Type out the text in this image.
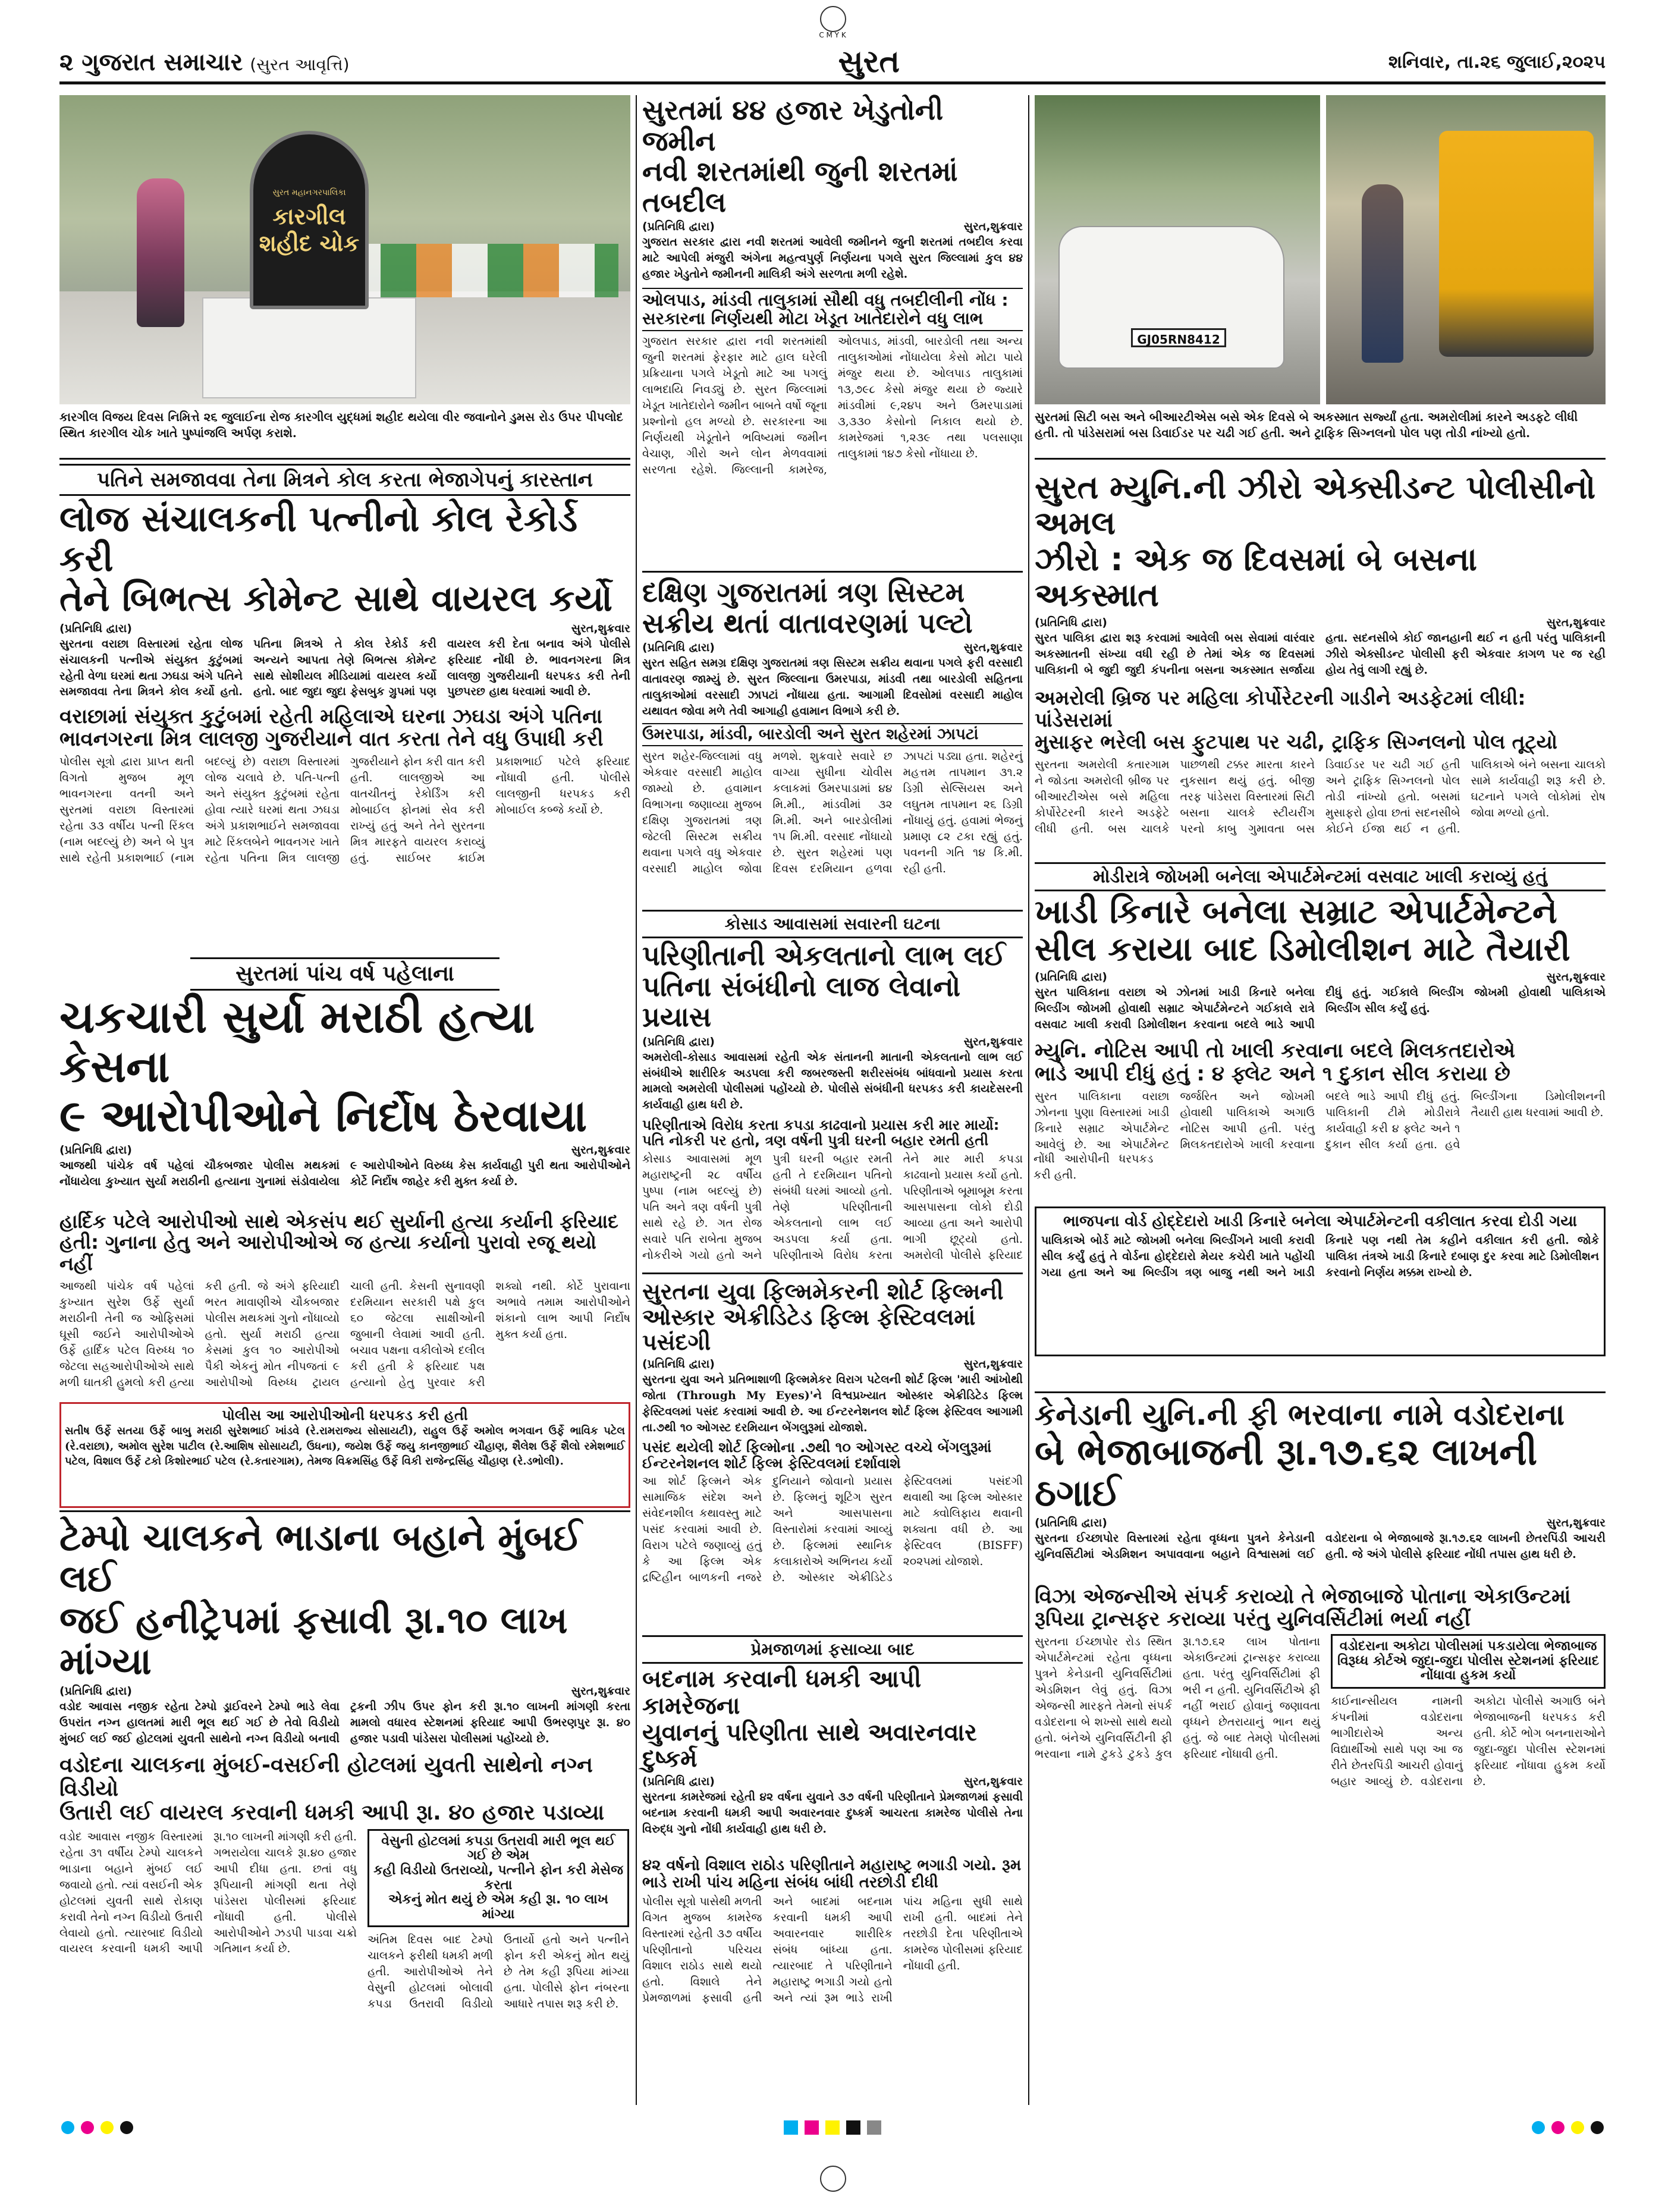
C M Y K
૨ ગુજરાત સમાચાર (સુરત આવૃત્તિ)	સુરત	શનિવાર, તા.૨૬ જુલાઈ,૨૦૨૫
સુરત મહાનગરપાલિકા
કારગીલ
શહીદ ચોક
કારગીલ વિજય દિવસ નિમિત્તે ૨૬ જુલાઈના રોજ કારગીલ યુદ્ધમાં શહીદ થયેલા વીર જવાનોને ડુમસ રોડ ઉપર પીપલોદ સ્થિત કારગીલ ચોક ખાતે પુષ્પાંજલિ અર્પણ કરાશે.
સુરતમાં ૪૪ હજાર ખેડુતોની જમીન
નવી શરતમાંથી જુની શરતમાં તબદીલ
(પ્રતિનિધિ દ્વારા)	સુરત,શુક્રવાર

ગુજરાત સરકાર દ્વારા નવી શરતમાં આવેલી જમીનને જુની શરતમાં તબદીલ કરવા માટે આપેલી મંજુરી અંગેના મહત્વપુર્ણ નિર્ણયના પગલે સુરત જિલ્લામાં કુલ ૪૪ હજાર ખેડુતોને જમીનની માલિકી અંગે સરળતા મળી રહેશે.

ઓલપાડ, માંડવી તાલુકામાં સૌથી વધુ તબદીલીની નોંધ : સરકારના નિર્ણયથી મોટા ખેડૂત ખાતેદારોને વધુ લાભ

ગુજરાત સરકાર દ્વારા નવી શરતમાંથી જુની શરતમાં ફેરફાર માટે હાલ ઘરેલી પ્રક્રિયાના પગલે ખેડૂતો માટે આ પગલું લાભદાયિ નિવડ્યું છે. સુરત જિલ્લામાં ખેડૂત ખાતેદારોને જમીન બાબતે વર્ષો જૂના પ્રશ્નોનો હલ મળ્યો છે. સરકારના આ નિર્ણયથી ખેડૂતોને ભવિષ્યમાં જમીન વેચાણ, ગીરો અને લોન મેળવવામાં સરળતા રહેશે. જિલ્લાની કામરેજ, ઓલપાડ, માંડવી, બારડોલી તથા અન્ય તાલુકાઓમાં નોંધાયેલા કેસો મોટા પાયે મંજુર થયા છે. ઓલપાડ તાલુકામાં ૧૩,૭૯૮ કેસો મંજુર થયા છે જ્યારે માંડવીમાં ૯,૨૪૫ અને ઉમરપાડામાં ૩,૩૩૦ કેસોનો નિકાલ થયો છે. કામરેજમાં ૧,૨૩૯ તથા પલસાણા તાલુકામાં ૧૪૭ કેસો નોંધાયા છે.

GJ05RN8412
સુરતમાં સિટી બસ અને બીઆરટીએસ બસે એક દિવસે બે અકસ્માત સર્જ્યાં હતા. અમરોલીમાં કારને અડફટે લીધી હતી. તો પાંડેસરામાં બસ ડિવાઈડર પર ચઢી ગઈ હતી. અને ટ્રાફિક સિગ્નલનો પોલ પણ તોડી નાંખ્યો હતો.
પતિને સમજાવવા તેના મિત્રને કોલ કરતા ભેજાગેપનું કારસ્તાન
લોજ સંચાલકની પત્નીનો કોલ રેકોર્ડ કરી
તેને બિભત્સ કોમેન્ટ સાથે વાયરલ કર્યો
(પ્રતિનિધિ દ્વારા)	સુરત,શુક્રવાર

સુરતના વરાછા વિસ્તારમાં રહેતા લોજ સંચાલકની પત્નીએ સંયુક્ત કુટુંબમાં રહેતી વેળા ઘરમાં થતા ઝઘડા અંગે પતિને સમજાવવા તેના મિત્રને કોલ કર્યો હતો. પતિના મિત્રએ તે કોલ રેકોર્ડ કરી અન્યને આપતા તેણે બિભત્સ કોમેન્ટ સાથે સોશીયલ મીડિયામાં વાયરલ કર્યો હતો. બાદ જુદા જુદા ફેસબુક ગ્રુપમાં પણ વાયરલ કરી દેતા બનાવ અંગે પોલીસે ફરિયાદ નોંધી છે. ભાવનગરના મિત્ર લાલજી ગુજરીયાની ધરપકડ કરી તેની પુછપરછ હાથ ધરવામાં આવી છે.

વરાછામાં સંયુક્ત કુટુંબમાં રહેતી મહિલાએ ઘરના ઝઘડા અંગે પતિના
ભાવનગરના મિત્ર લાલજી ગુજરીયાને વાત કરતા તેને વધુ ઉપાધી કરી

પોલીસ સૂત્રો દ્વારા પ્રાપ્ત થતી વિગતો મુજબ મૂળ ભાવનગરના વતની અને સુરતમાં વરાછા વિસ્તારમાં રહેતા ૩૩ વર્ષીય પત્ની રિંકલ (નામ બદલ્યું છે) અને બે પુત્ર સાથે રહેતી પ્રકાશભાઈ (નામ બદલ્યું છે) વરાછા વિસ્તારમાં લોજ ચલાવે છે. પતિ-પત્ની અને સંયુક્ત કુટુંબમાં રહેતા હોવા ત્યારે ઘરમાં થતા ઝઘડા અંગે પ્રકાશભાઈને સમજાવવા માટે રિંકલબેને ભાવનગર ખાતે રહેતા પતિના મિત્ર લાલજી ગુજરીયાને ફોન કરી વાત કરી હતી. લાલજીએ આ વાતચીતનું રેકોર્ડિંગ કરી મોબાઈલ ફોનમાં સેવ કરી રાખ્યું હતું અને તેને સુરતના મિત્ર મારફતે વાયરલ કરાવ્યું હતું. સાઈબર ક્રાઈમ પ્રકાશભાઈ પટેલે ફરિયાદ નોંધાવી હતી. પોલીસે લાલજીની ધરપકડ કરી મોબાઈલ કબ્જે કર્યો છે.

દક્ષિણ ગુજરાતમાં ત્રણ સિસ્ટમ
સક્રીય થતાં વાતાવરણમાં પલ્ટો
(પ્રતિનિધિ દ્વારા)	સુરત,શુક્રવાર

સુરત સહિત સમગ્ર દક્ષિણ ગુજરાતમાં ત્રણ સિસ્ટમ સક્રીય થવાના પગલે ફરી વરસાદી વાતાવરણ જામ્યું છે. સુરત જિલ્લાના ઉમરપાડા, માંડવી તથા બારડોલી સહિતના તાલુકાઓમાં વરસાદી ઝાપટાં નોંધાયા હતા. આગામી દિવસોમાં વરસાદી માહોલ યથાવત જોવા મળે તેવી આગાહી હવામાન વિભાગે કરી છે.

ઉમરપાડા, માંડવી, બારડોલી અને સુરત શહેરમાં ઝાપટાં

સુરત શહેર-જિલ્લામાં વધુ એકવાર વરસાદી માહોલ જામ્યો છે. હવામાન વિભાગના જણાવ્યા મુજબ દક્ષિણ ગુજરાતમાં ત્રણ જેટલી સિસ્ટમ સક્રીય થવાના પગલે વધુ એકવાર વરસાદી માહોલ જોવા મળશે. શુક્રવારે સવારે છ વાગ્યા સુધીના ચોવીસ કલાકમાં ઉમરપાડામાં ૪૪ મિ.મી., માંડવીમાં ૩૨ મિ.મી. અને બારડોલીમાં ૧૫ મિ.મી. વરસાદ નોંધાયો છે. સુરત શહેરમાં પણ દિવસ દરમિયાન હળવા ઝાપટાં પડ્યા હતા. શહેરનું મહત્તમ તાપમાન ૩૧.૨ ડિગ્રી સેલ્સિયસ અને લઘુતમ તાપમાન ૨૬ ડિગ્રી નોંધાયું હતું. હવામાં ભેજનું પ્રમાણ ૮૨ ટકા રહ્યું હતું. પવનની ગતિ ૧૪ કિ.મી. રહી હતી.

સુરત મ્યુનિ.ની ઝીરો એક્સીડન્ટ પોલીસીનો અમલ
ઝીરો : એક જ દિવસમાં બે બસના અકસ્માત
(પ્રતિનિધિ દ્વારા)	સુરત,શુક્રવાર

સુરત પાલિકા દ્વારા શરૂ કરવામાં આવેલી બસ સેવામાં વારંવાર અકસ્માતની સંખ્યા વધી રહી છે તેમાં એક જ દિવસમાં પાલિકાની બે જુદી જુદી કંપનીના બસના અકસ્માત સર્જાયા હતા. સદનસીબે કોઈ જાનહાની થઈ ન હતી પરંતુ પાલિકાની ઝીરો એક્સીડન્ટ પોલીસી ફરી એકવાર કાગળ પર જ રહી હોય તેવું લાગી રહ્યું છે.

અમરોલી બ્રિજ પર મહિલા કોર્પોરેટરની ગાડીને અડફેટમાં લીધી: પાંડેસરામાં
મુસાફર ભરેલી બસ ફુટપાથ પર ચઢી, ટ્રાફિક સિગ્નલનો પોલ તૂટ્યો

સુરતના અમરોલી કતારગામ ને જોડતા અમરોલી બ્રીજ પર બીઆરટીએસ બસે મહિલા કોર્પોરેટરની કારને અડફેટે લીધી હતી. બસ ચાલકે પાછળથી ટક્કર મારતા કારને નુકસાન થયું હતું. બીજી તરફ પાંડેસરા વિસ્તારમાં સિટી બસના ચાલકે સ્ટીયરીંગ પરનો કાબુ ગુમાવતા બસ ડિવાઈડર પર ચઢી ગઈ હતી અને ટ્રાફિક સિગ્નલનો પોલ તોડી નાંખ્યો હતો. બસમાં મુસાફરો હોવા છતાં સદનસીબે કોઈને ઈજા થઈ ન હતી. પાલિકાએ બંને બસના ચાલકો સામે કાર્યવાહી શરૂ કરી છે. ઘટનાને પગલે લોકોમાં રોષ જોવા મળ્યો હતો.

કોસાડ આવાસમાં સવારની ઘટના
પરિણીતાની એકલતાનો લાભ લઈ
પતિના સંબંધીનો લાજ લેવાનો પ્રયાસ
(પ્રતિનિધિ દ્વારા)	સુરત,શુક્રવાર

અમરોલી-કોસાડ આવાસમાં રહેતી એક સંતાનની માતાની એકલતાનો લાભ લઈ સંબંધીએ શારીરિક અડપલા કરી જબરજસ્તી શરીરસંબંધ બાંધવાનો પ્રયાસ કરતા મામલો અમરોલી પોલીસમાં પહોંચ્યો છે. પોલીસે સંબંધીની ધરપકડ કરી કાયદેસરની કાર્યવાહી હાથ ધરી છે.

પરિણીતાએ વિરોધ કરતા કપડા કાઢવાનો પ્રયાસ કરી માર માર્યો: પતિ નોકરી પર હતો, ત્રણ વર્ષની પુત્રી ઘરની બહાર રમતી હતી

કોસાડ આવાસમાં મૂળ મહારાષ્ટ્રની ૨૮ વર્ષીય પુષ્પા (નામ બદલ્યું છે) પતિ અને ત્રણ વર્ષની પુત્રી સાથે રહે છે. ગત રોજ સવારે પતિ રાબેતા મુજબ નોકરીએ ગયો હતો અને પુત્રી ઘરની બહાર રમતી હતી તે દરમિયાન પતિનો સંબંધી ઘરમાં આવ્યો હતો. તેણે પરિણીતાની એકલતાનો લાભ લઈ અડપલા કર્યા હતા. પરિણીતાએ વિરોધ કરતા તેને માર મારી કપડા કાઢવાનો પ્રયાસ કર્યો હતો. પરિણીતાએ બૂમાબૂમ કરતા આસપાસના લોકો દોડી આવ્યા હતા અને આરોપી ભાગી છૂટ્યો હતો. અમરોલી પોલીસે ફરિયાદ નોંધી આરોપીની ધરપકડ કરી હતી.

મોડીરાત્રે જોખમી બનેલા એપાર્ટમેન્ટમાં વસવાટ ખાલી કરાવ્યું હતું
ખાડી કિનારે બનેલા સમ્રાટ એપાર્ટમેન્ટને
સીલ કરાયા બાદ ડિમોલીશન માટે તૈયારી
(પ્રતિનિધિ દ્વારા)	સુરત,શુક્રવાર

સુરત પાલિકાના વરાછા એ ઝોનમાં ખાડી કિનારે બનેલા બિલ્ડીંગ જોખમી હોવાથી સમ્રાટ એપાર્ટમેન્ટને ગઈકાલે રાત્રે વસવાટ ખાલી કરાવી ડિમોલીશન કરવાના બદલે ભાડે આપી દીધું હતું. ગઈકાલે બિલ્ડીંગ જોખમી હોવાથી પાલિકાએ બિલ્ડીંગ સીલ કર્યું હતું.

મ્યુનિ. નોટિસ આપી તો ખાલી કરવાના બદલે મિલકતદારોએ
ભાડે આપી દીધું હતું : ૪ ફ્લેટ અને ૧ દુકાન સીલ કરાયા છે

સુરત પાલિકાના વરાછા ઝોનના પુણા વિસ્તારમાં ખાડી કિનારે સમ્રાટ એપાર્ટમેન્ટ આવેલું છે. આ એપાર્ટમેન્ટ જર્જરિત અને જોખમી હોવાથી પાલિકાએ અગાઉ નોટિસ આપી હતી. પરંતુ મિલકતદારોએ ખાલી કરવાના બદલે ભાડે આપી દીધું હતું. પાલિકાની ટીમે મોડીરાત્રે કાર્યવાહી કરી ૪ ફ્લેટ અને ૧ દુકાન સીલ કર્યા હતા. હવે બિલ્ડીંગના ડિમોલીશનની તૈયારી હાથ ધરવામાં આવી છે.

ભાજપના વોર્ડ હોદ્દેદારો ખાડી કિનારે બનેલા એપાર્ટમેન્ટની વકીલાત કરવા દોડી ગયા

પાલિકાએ બોર્ડ માટે જોખમી બનેલા બિલ્ડીંગને ખાલી કરાવી સીલ કર્યું હતું તે વોર્ડના હોદ્દેદારો મેયર કચેરી ખાતે પહોંચી ગયા હતા અને આ બિલ્ડીંગ ત્રણ બાજુ નથી અને ખાડી કિનારે પણ નથી તેમ કહીને વકીલાત કરી હતી. જોકે પાલિકા તંત્રએ ખાડી કિનારે દબાણ દુર કરવા માટે ડિમોલીશન કરવાનો નિર્ણય મક્કમ રાખ્યો છે.

સુરતમાં પાંચ વર્ષ પહેલાના
ચકચારી સુર્યા મરાઠી હત્યા કેસના
૯ આરોપીઓને નિર્દોષ ઠેરવાયા
(પ્રતિનિધિ દ્વારા)	સુરત,શુક્રવાર

આજથી પાંચેક વર્ષ પહેલાં ચૌકબજાર પોલીસ મથકમાં નોંધાયેલા કુખ્યાત સુર્યા મરાઠીની હત્યાના ગુનામાં સંડોવાયેલા ૯ આરોપીઓને વિરુધ્ધ કેસ કાર્યવાહી પુરી થતા આરોપીઓને કોર્ટે નિર્દોષ જાહેર કરી મુક્ત કર્યા છે.

હાર્દિક પટેલે આરોપીઓ સાથે એકસંપ થઈ સુર્યાની હત્યા કર્યાની ફરિયાદ
હતી: ગુનાના હેતુ અને આરોપીઓએ જ હત્યા કર્યાનો પુરાવો રજૂ થયો નહીં

આજથી પાંચેક વર્ષ પહેલાં કુખ્યાત સુરેશ ઉર્ફે સુર્યા મરાઠીની તેની જ ઓફિસમાં ઘૂસી જઈને આરોપીઓએ ઉર્ફે હાર્દિક પટેલ વિરુધ્ધ ૧૦ જેટલા સહઆરોપીઓએ સાથે મળી ઘાતકી હુમલો કરી હત્યા કરી હતી. જે અંગે ફરિયાદી ભરત માવાણીએ ચૌકબજાર પોલીસ મથકમાં ગુનો નોંધાવ્યો હતો. સુર્યા મરાઠી હત્યા કેસમાં કુલ ૧૦ આરોપીઓ પૈકી એકનું મોત નીપજતાં ૯ આરોપીઓ વિરુધ્ધ ટ્રાયલ ચાલી હતી. કેસની સુનાવણી દરમિયાન સરકારી પક્ષે કુલ ૬૦ જેટલા સાક્ષીઓની જુબાની લેવામાં આવી હતી. બચાવ પક્ષના વકીલોએ દલીલ કરી હતી કે ફરિયાદ પક્ષ હત્યાનો હેતુ પુરવાર કરી શક્યો નથી. કોર્ટે પુરાવાના અભાવે તમામ આરોપીઓને શંકાનો લાભ આપી નિર્દોષ મુક્ત કર્યા હતા.

પોલીસ આ આરોપીઓની ધરપકડ કરી હતી

સતીષ ઉર્ફે સતયા ઉર્ફે બાબુ મરાઠી સુરેશભાઈ ખાંડવે (રે.રામરાજ્ય સોસાયટી), રાહુલ ઉર્ફે અમોલ ભગવાન ઉર્ફે ભાવિક પટેલ (રે.વરાછા), અમોલ સુરેશ પાટીલ (રે.આશિષ સોસાયટી, ઉધના), જયેશ ઉર્ફે જયુ કાનજીભાઈ ચૌહાણ, શૈલેશ ઉર્ફે શૈલો રમેશભાઈ પટેલ, વિશાલ ઉર્ફે ટકો કિશોરભાઈ પટેલ (રે.કતારગામ), તેમજ વિક્રમસિંહ ઉર્ફે વિકી રાજેન્દ્રસિંહ ચૌહાણ (રે.ડભોલી).

સુરતના યુવા ફિલ્મમેકરની શોર્ટ ફિલ્મની
ઓસ્કાર એક્રીડિટેડ ફિલ્મ ફેસ્ટિવલમાં પસંદગી
(પ્રતિનિધિ દ્વારા)	સુરત,શુક્રવાર

સુરતના યુવા અને પ્રતિભાશાળી ફિલ્મમેકર વિરાગ પટેલની શોર્ટ ફિલ્મ 'મારી આંખોથી જોતા (Through My Eyes)'ને વિશ્વપ્રખ્યાત ઓસ્કાર એક્રીડિટેડ ફિલ્મ ફેસ્ટિવલમાં પસંદ કરવામાં આવી છે. આ ઈન્ટરનેશનલ શોર્ટ ફિલ્મ ફેસ્ટિવલ આગામી તા.૭થી ૧૦ ઓગસ્ટ દરમિયાન બેંગલુરૂમાં યોજાશે.

પસંદ થયેલી શોર્ટ ફિલ્મોના .૭થી ૧૦ ઓગસ્ટ વચ્ચે બેંગલુરૂમાં ઈન્ટરનેશનલ શોર્ટ ફિલ્મ ફેસ્ટિવલમાં દર્શાવાશે

આ શોર્ટ ફિલ્મને એક સામાજિક સંદેશ અને સંવેદનશીલ કથાવસ્તુ માટે પસંદ કરવામાં આવી છે. વિરાગ પટેલે જણાવ્યું હતું કે આ ફિલ્મ એક દ્રષ્ટિહીન બાળકની નજરે દુનિયાને જોવાનો પ્રયાસ છે. ફિલ્મનું શૂટિંગ સુરત અને આસપાસના વિસ્તારોમાં કરવામાં આવ્યું છે. ફિલ્મમાં સ્થાનિક કલાકારોએ અભિનય કર્યો છે. ઓસ્કાર એક્રીડિટેડ ફેસ્ટિવલમાં પસંદગી થવાથી આ ફિલ્મ ઓસ્કાર માટે ક્વોલિફાય થવાની શક્યતા વધી છે. આ ફેસ્ટિવલ (BISFF) ૨૦૨૫માં યોજાશે.

ટેમ્પો ચાલકને ભાડાના બહાને મુંબઈ લઈ
જઈ હનીટ્રેપમાં ફસાવી રૂા.૧૦ લાખ માંગ્યા
(પ્રતિનિધિ દ્વારા)	સુરત,શુક્રવાર

વડોદ આવાસ નજીક રહેતા ટેમ્પો ડ્રાઈવરને ટેમ્પો ભાડે લેવા ઉપરાંત નગ્ન હાલતમાં મારી ભૂલ થઈ ગઈ છે તેવો વિડીયો મુંબઈ લઈ જઈ હોટલમાં યુવતી સાથેનો નગ્ન વિડીયો બનાવી ટ્રકની ઝીપ ઉપર ફોન કરી રૂા.૧૦ લાખની માંગણી કરતા મામલો વધારવ સ્ટેશનમાં ફરિયાદ આપી ઉભરણપુર રૂા. ૪૦ હજાર પડાવી પાંડેસરા પોલીસમાં પહોંચ્યો છે.

વડોદના ચાલકના મુંબઈ-વસઈની હોટલમાં યુવતી સાથેનો નગ્ન વિડીયો
ઉતારી લઈ વાયરલ કરવાની ધમકી આપી રૂા. ૪૦ હજાર પડાવ્યા

વડોદ આવાસ નજીક વિસ્તારમાં રહેતા ૩૧ વર્ષીય ટેમ્પો ચાલકને ભાડાના બહાને મુંબઈ લઈ જવાયો હતો. ત્યાં વસઈની એક હોટલમાં યુવતી સાથે રોકાણ કરાવી તેનો નગ્ન વિડીયો ઉતારી લેવાયો હતો. ત્યારબાદ વિડીયો વાયરલ કરવાની ધમકી આપી રૂા.૧૦ લાખની માંગણી કરી હતી. ગભરાયેલા ચાલકે રૂા.૪૦ હજાર આપી દીધા હતા. છતાં વધુ રૂપિયાની માંગણી થતા તેણે પાંડેસરા પોલીસમાં ફરિયાદ નોંધાવી હતી. પોલીસે આરોપીઓને ઝડપી પાડવા ચક્રો ગતિમાન કર્યા છે.

વેસુની હોટલમાં કપડા ઉતરાવી મારી ભૂલ થઈ ગઈ છે એમ
કહી વિડીયો ઉતરાવ્યો, પત્નીને ફોન કરી મેસેજ કરતા
એકનું મોત થયું છે એમ કહી રૂા. ૧૦ લાખ માંગ્યા

અંતિમ દિવસ બાદ ટેમ્પો ચાલકને ફરીથી ધમકી મળી હતી. આરોપીઓએ તેને વેસુની હોટલમાં બોલાવી કપડા ઉતરાવી વિડીયો ઉતાર્યો હતો અને પત્નીને ફોન કરી એકનું મોત થયું છે તેમ કહી રૂપિયા માંગ્યા હતા. પોલીસે ફોન નંબરના આધારે તપાસ શરૂ કરી છે.

પ્રેમજાળમાં ફસાવ્યા બાદ
બદનામ કરવાની ધમકી આપી કામરેજના
યુવાનનું પરિણીતા સાથે અવારનવાર દુષ્કર્મ
(પ્રતિનિધિ દ્વારા)	સુરત,શુક્રવાર

સુરતના કામરેજમાં રહેતી ૪૨ વર્ષના યુવાને ૩૭ વર્ષની પરિણીતાને પ્રેમજાળમાં ફસાવી બદનામ કરવાની ધમકી આપી અવારનવાર દુષ્કર્મ આચરતા કામરેજ પોલીસે તેના વિરુદ્ધ ગુનો નોંધી કાર્યવાહી હાથ ધરી છે.

૪૨ વર્ષનો વિશાલ રાઠોડ પરિણીતાને મહારાષ્ટ્ર ભગાડી ગયો. રૂમ ભાડે રાખી પાંચ મહિના સંબંધ બાંધી તરછોડી દીધી

પોલીસ સૂત્રો પાસેથી મળતી વિગત મુજબ કામરેજ વિસ્તારમાં રહેતી ૩૭ વર્ષીય પરિણીતાનો પરિચય વિશાલ રાઠોડ સાથે થયો હતો. વિશાલે તેને પ્રેમજાળમાં ફસાવી હતી અને બાદમાં બદનામ કરવાની ધમકી આપી અવારનવાર શારીરિક સંબંધ બાંધ્યા હતા. ત્યારબાદ તે પરિણીતાને મહારાષ્ટ્ર ભગાડી ગયો હતો અને ત્યાં રૂમ ભાડે રાખી પાંચ મહિના સુધી સાથે રાખી હતી. બાદમાં તેને તરછોડી દેતા પરિણીતાએ કામરેજ પોલીસમાં ફરિયાદ નોંધાવી હતી.

કેનેડાની યુનિ.ની ફી ભરવાના નામે વડોદરાના
બે ભેજાબાજની રૂા.૧૭.૬૨ લાખની ઠગાઈ
(પ્રતિનિધિ દ્વારા)	સુરત,શુક્રવાર

સુરતના ઈચ્છાપોર વિસ્તારમાં રહેતા વૃધ્ધના પુત્રને કેનેડાની યુનિવર્સિટીમાં એડમિશન અપાવવાના બહાને વિશ્વાસમાં લઈ વડોદરાના બે ભેજાબાજે રૂા.૧૭.૬૨ લાખની છેતરપિંડી આચરી હતી. જે અંગે પોલીસે ફરિયાદ નોંધી તપાસ હાથ ધરી છે.

વિઝા એજન્સીએ સંપર્ક કરાવ્યો તે ભેજાબાજે પોતાના એકાઉન્ટમાં
રૂપિયા ટ્રાન્સફર કરાવ્યા પરંતુ યુનિવર્સિટીમાં ભર્યા નહીં

સુરતના ઈચ્છાપોર રોડ સ્થિત એપાર્ટમેન્ટમાં રહેતા વૃધ્ધના પુત્રને કેનેડાની યુનિવર્સિટીમાં એડમિશન લેવું હતું. વિઝા એજન્સી મારફતે તેમનો સંપર્ક વડોદરાના બે શખ્સો સાથે થયો હતો. બંનેએ યુનિવર્સિટીની ફી ભરવાના નામે ટુકડે ટુકડે કુલ રૂા.૧૭.૬૨ લાખ પોતાના એકાઉન્ટમાં ટ્રાન્સફર કરાવ્યા હતા. પરંતુ યુનિવર્સિટીમાં ફી ભરી ન હતી. યુનિવર્સિટીએ ફી નહીં ભરાઈ હોવાનું જણાવતા વૃધ્ધને છેતરાયાનું ભાન થયું હતું. જે બાદ તેમણે પોલીસમાં ફરિયાદ નોંધાવી હતી.

વડોદરાના અકોટા પોલીસમાં પકડાયેલા ભેજાબાજ વિરૂધ્ધ કોર્ટએ જુદા-જુદા પોલીસ સ્ટેશનમાં ફરિયાદ નોંધાવા હુકમ કર્યો

કાઈનાન્સીયલ નામની કંપનીમાં વડોદરાના ભાગીદારોએ અન્ય વિદ્યાર્થીઓ સાથે પણ આ જ રીતે છેતરપિંડી આચરી હોવાનું બહાર આવ્યું છે. વડોદરાના અકોટા પોલીસે અગાઉ બંને ભેજાબાજની ધરપકડ કરી હતી. કોર્ટે ભોગ બનનારાઓને જુદા-જુદા પોલીસ સ્ટેશનમાં ફરિયાદ નોંધાવા હુકમ કર્યો છે.
